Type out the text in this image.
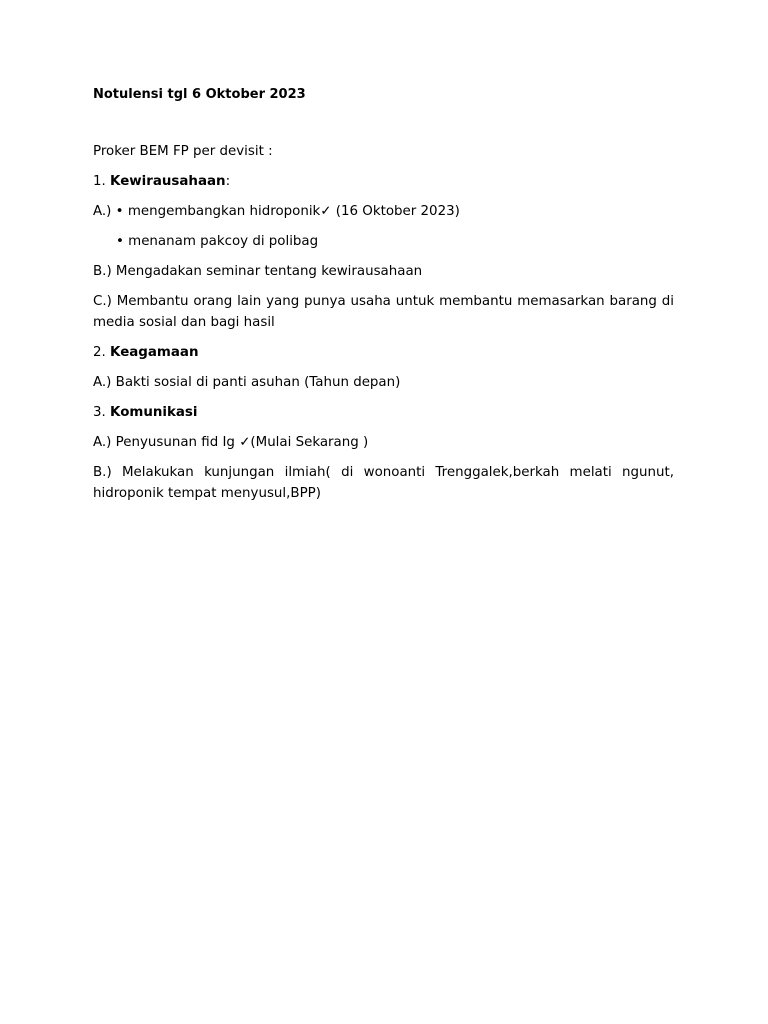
Notulensi tgl 6 Oktober 2023
Proker BEM FP per devisit :
1. Kewirausahaan:
A.) • mengembangkan hidroponik✓ (16 Oktober 2023)
• menanam pakcoy di polibag
B.) Mengadakan seminar tentang kewirausahaan
C.) Membantu orang lain yang punya usaha untuk membantu memasarkan barang di media sosial dan bagi hasil
2. Keagamaan
A.) Bakti sosial di panti asuhan (Tahun depan)
3. Komunikasi
A.) Penyusunan fid Ig ✓(Mulai Sekarang )
B.) Melakukan kunjungan ilmiah( di wonoanti Trenggalek,berkah melati ngunut, hidroponik tempat menyusul,BPP)
